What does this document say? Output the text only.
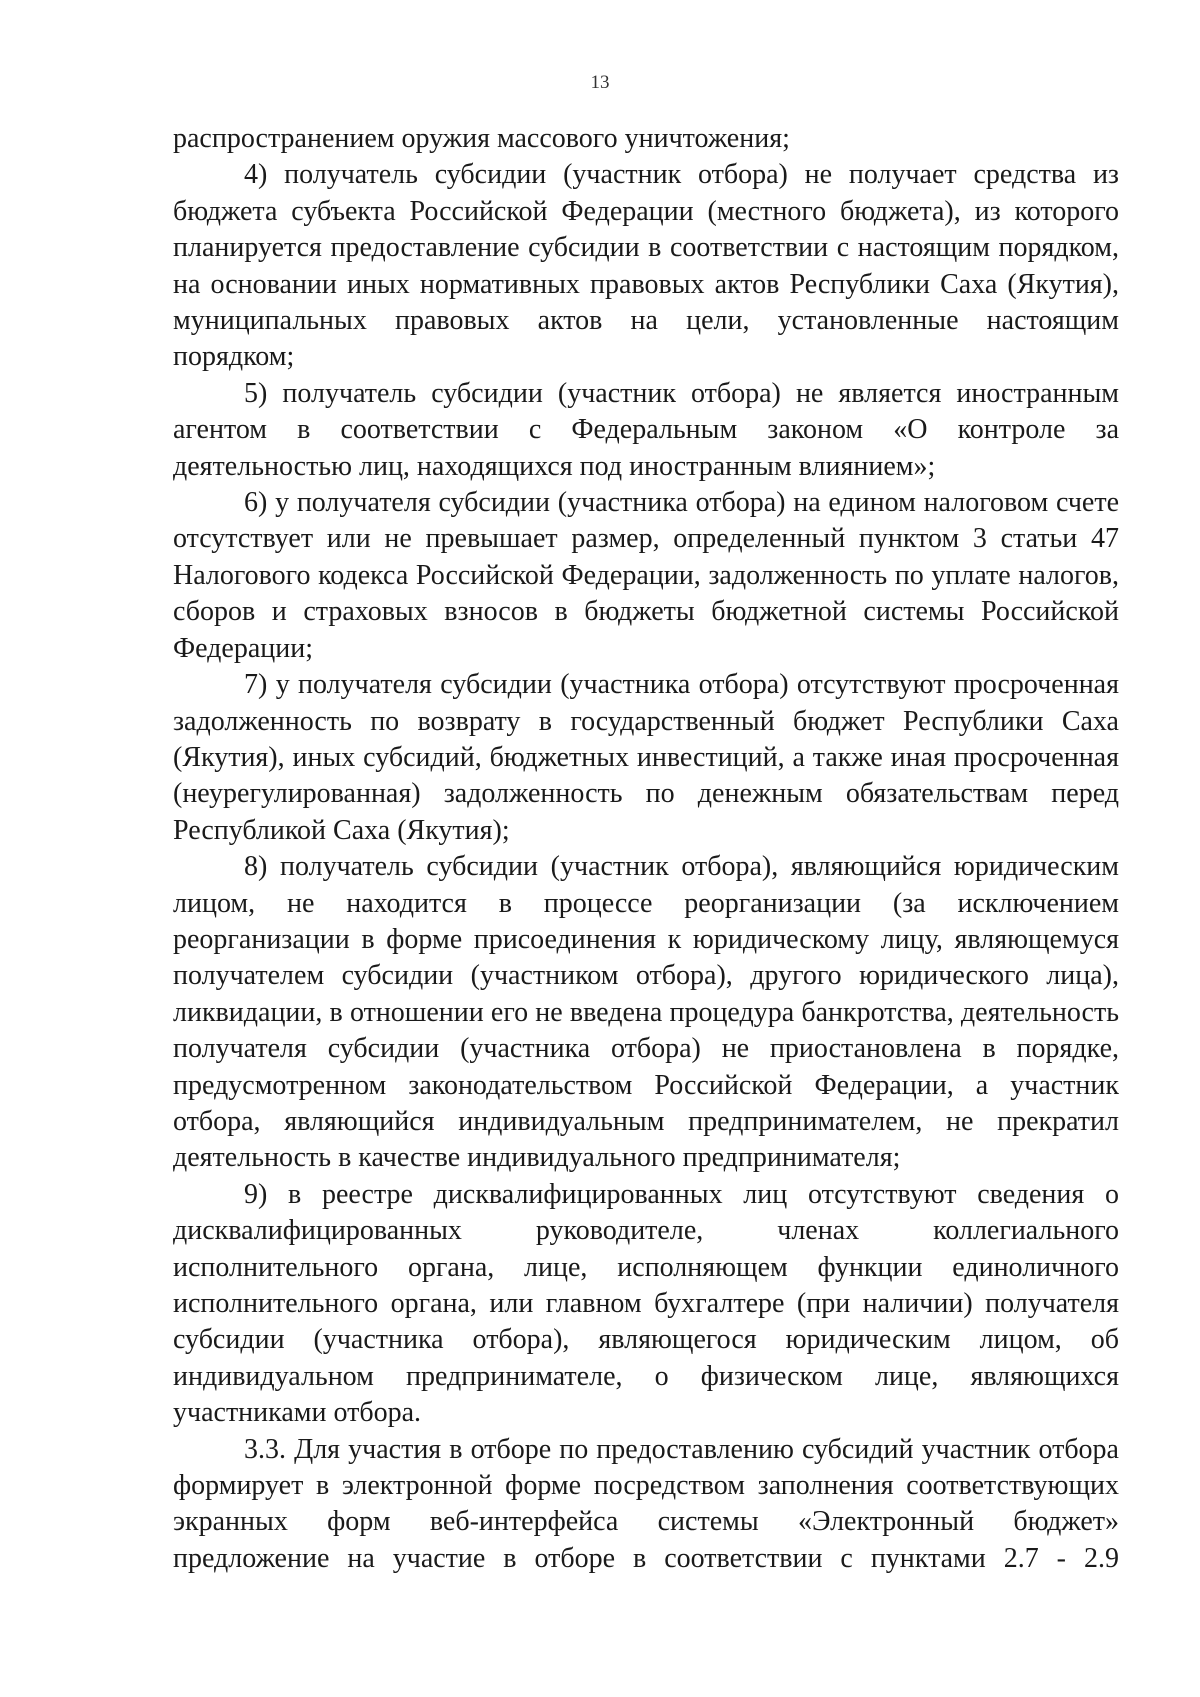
13

распространением оружия массового уничтожения;

4) получатель субсидии (участник отбора) не получает средства из бюджета субъекта Российской Федерации (местного бюджета), из которого планируется предоставление субсидии в соответствии с настоящим порядком, на основании иных нормативных правовых актов Республики Саха (Якутия), муниципальных правовых актов на цели, установленные настоящим порядком;

5) получатель субсидии (участник отбора) не является иностранным агентом в соответствии с Федеральным законом «О контроле за деятельностью лиц, находящихся под иностранным влиянием»;

6) у получателя субсидии (участника отбора) на едином налоговом счете отсутствует или не превышает размер, определенный пунктом 3 статьи 47 Налогового кодекса Российской Федерации, задолженность по уплате налогов, сборов и страховых взносов в бюджеты бюджетной системы Российской Федерации;

7) у получателя субсидии (участника отбора) отсутствуют просроченная задолженность по возврату в государственный бюджет Республики Саха (Якутия), иных субсидий, бюджетных инвестиций, а также иная просроченная (неурегулированная) задолженность по денежным обязательствам перед Республикой Саха (Якутия);

8) получатель субсидии (участник отбора), являющийся юридическим лицом, не находится в процессе реорганизации (за исключением реорганизации в форме присоединения к юридическому лицу, являющемуся получателем субсидии (участником отбора), другого юридического лица), ликвидации, в отношении его не введена процедура банкротства, деятельность получателя субсидии (участника отбора) не приостановлена в порядке, предусмотренном законодательством Российской Федерации, а участник отбора, являющийся индивидуальным предпринимателем, не прекратил деятельность в качестве индивидуального предпринимателя;

9) в реестре дисквалифицированных лиц отсутствуют сведения о дисквалифицированных руководителе, членах коллегиального исполнительного органа, лице, исполняющем функции единоличного исполнительного органа, или главном бухгалтере (при наличии) получателя субсидии (участника отбора), являющегося юридическим лицом, об индивидуальном предпринимателе, о физическом лице, являющихся участниками отбора.

3.3. Для участия в отборе по предоставлению субсидий участник отбора формирует в электронной форме посредством заполнения соответствующих экранных форм веб-интерфейса системы «Электронный бюджет» предложение на участие в отборе в соответствии с пунктами 2.7 - 2.9
